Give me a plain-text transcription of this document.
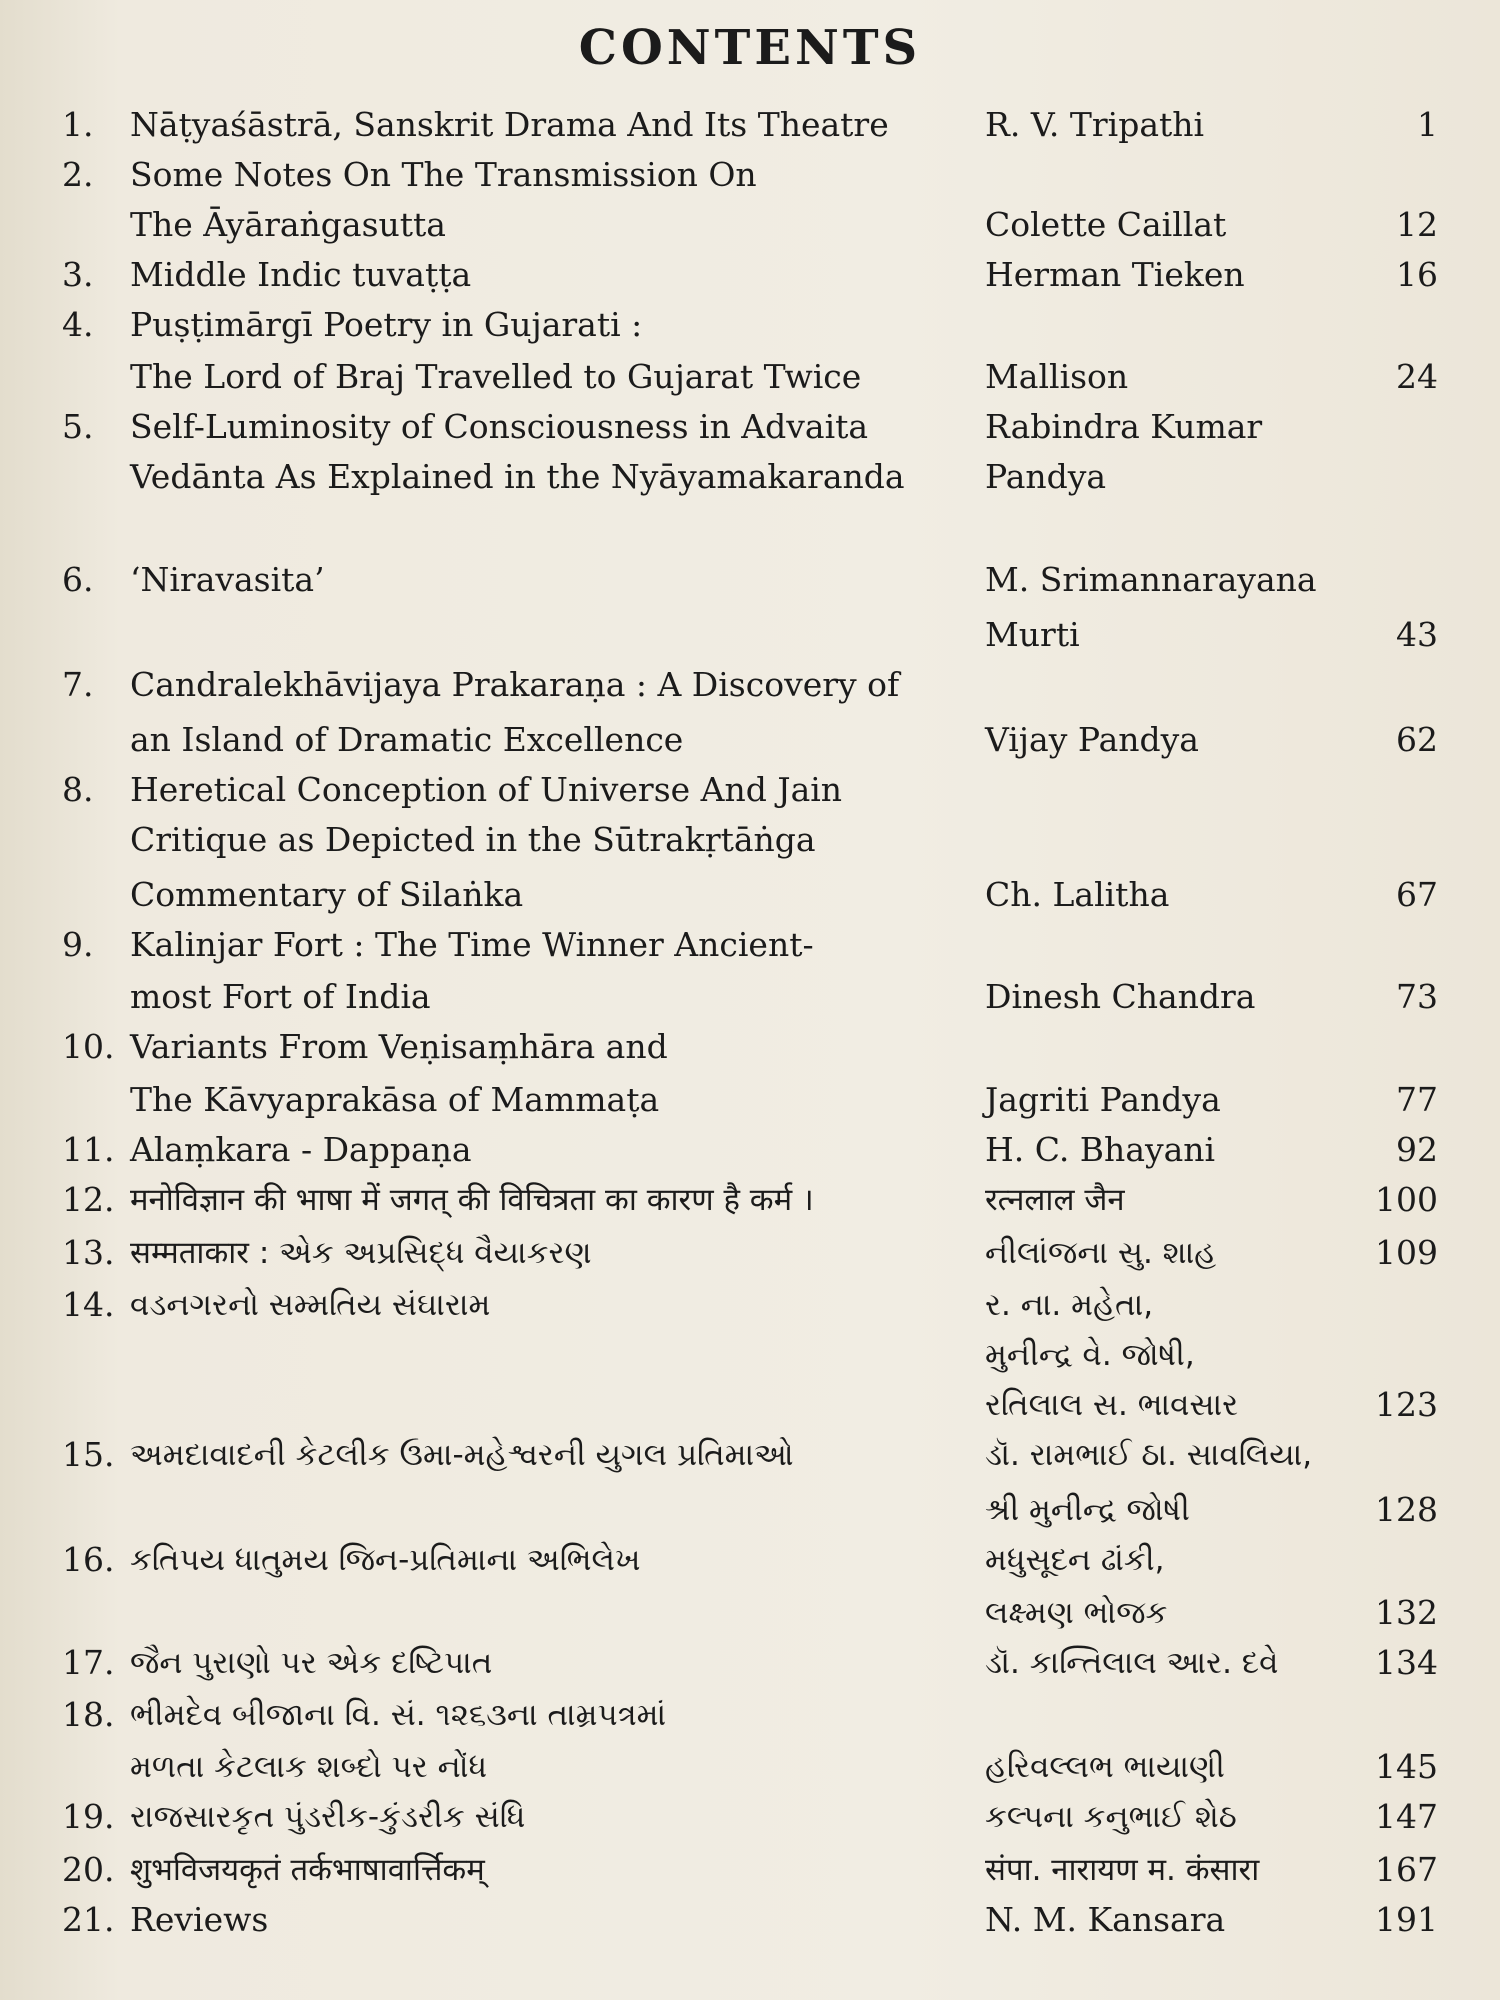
CONTENTS
1.	Nāṭyaśāstrā, Sanskrit Drama And Its Theatre	R. V. Tripathi	1
2.	Some Notes On The Transmission On
The Āyāraṅgasutta	Colette Caillat	12
3.	Middle Indic tuvaṭṭa	Herman Tieken	16
4.	Puṣṭimārgī Poetry in Gujarati :
The Lord of Braj Travelled to Gujarat Twice	Mallison	24
5.	Self-Luminosity of Consciousness in Advaita	Rabindra Kumar
Vedānta As Explained in the Nyāyamakaranda	Pandya
6.	‘Niravasita’	M. Srimannarayana
Murti	43
7.	Candralekhāvijaya Prakaraṇa : A Discovery of
an Island of Dramatic Excellence	Vijay Pandya	62
8.	Heretical Conception of Universe And Jain
Critique as Depicted in the Sūtrakṛtāṅga
Commentary of Silaṅka	Ch. Lalitha	67
9.	Kalinjar Fort : The Time Winner Ancient-
most Fort of India	Dinesh Chandra	73
10. Variants From Veṇisaṃhāra and
The Kāvyaprakāsa of Mammaṭa	Jagriti Pandya	77
11. Alaṃkara - Dappaṇa	H. C. Bhayani	92
12. मनोविज्ञान की भाषा में जगत् की विचित्रता का कारण है कर्म ।	रत्नलाल जैन	100
13. सम्मताकार : એક અપ્રસિદ્ધ વૈયાકરણ	નીલાંજના સુ. શાહ	109
14. વડનગરનો સમ્મતિય સંઘારામ	ર. ના. મહેતા,
મુનીન્દ્ર વે. જોષી,
રતિલાલ સ. ભાવસાર	123
15. અમદાવાદની કેટલીક ઉમા-મહેશ્વરની યુગલ પ્રતિમાઓ	ડૉ. રામભાઈ ઠા. સાવલિયા,
શ્રી મુનીન્દ્ર જોષી	128
16. કતિપય ધાતુમય જિન-પ્રતિમાના અભિલેખ	મધુસૂદન ઢાંકી,
લક્ષ્મણ ભોજક	132
17. જૈન પુરાણો પર એક દષ્ટિપાત	ડૉ. કાન્તિલાલ આર. દવે	134
18. ભીમદેવ બીજાના વિ. સં. ૧૨૬૩ના તામ્રપત્રમાં
મળતા કેટલાક શબ્દો પર નોંધ	હરિવલ્લભ ભાયાણી	145
19. રાજસારકૃત પુંડરીક-કુંડરીક સંધિ	કલ્પના કનુભાઈ શેઠ	147
20. शुभविजयकृतं तर्कभाषावार्त्तिकम्	संपा. नारायण म. कंसारा	167
21. Reviews	N. M. Kansara	191
